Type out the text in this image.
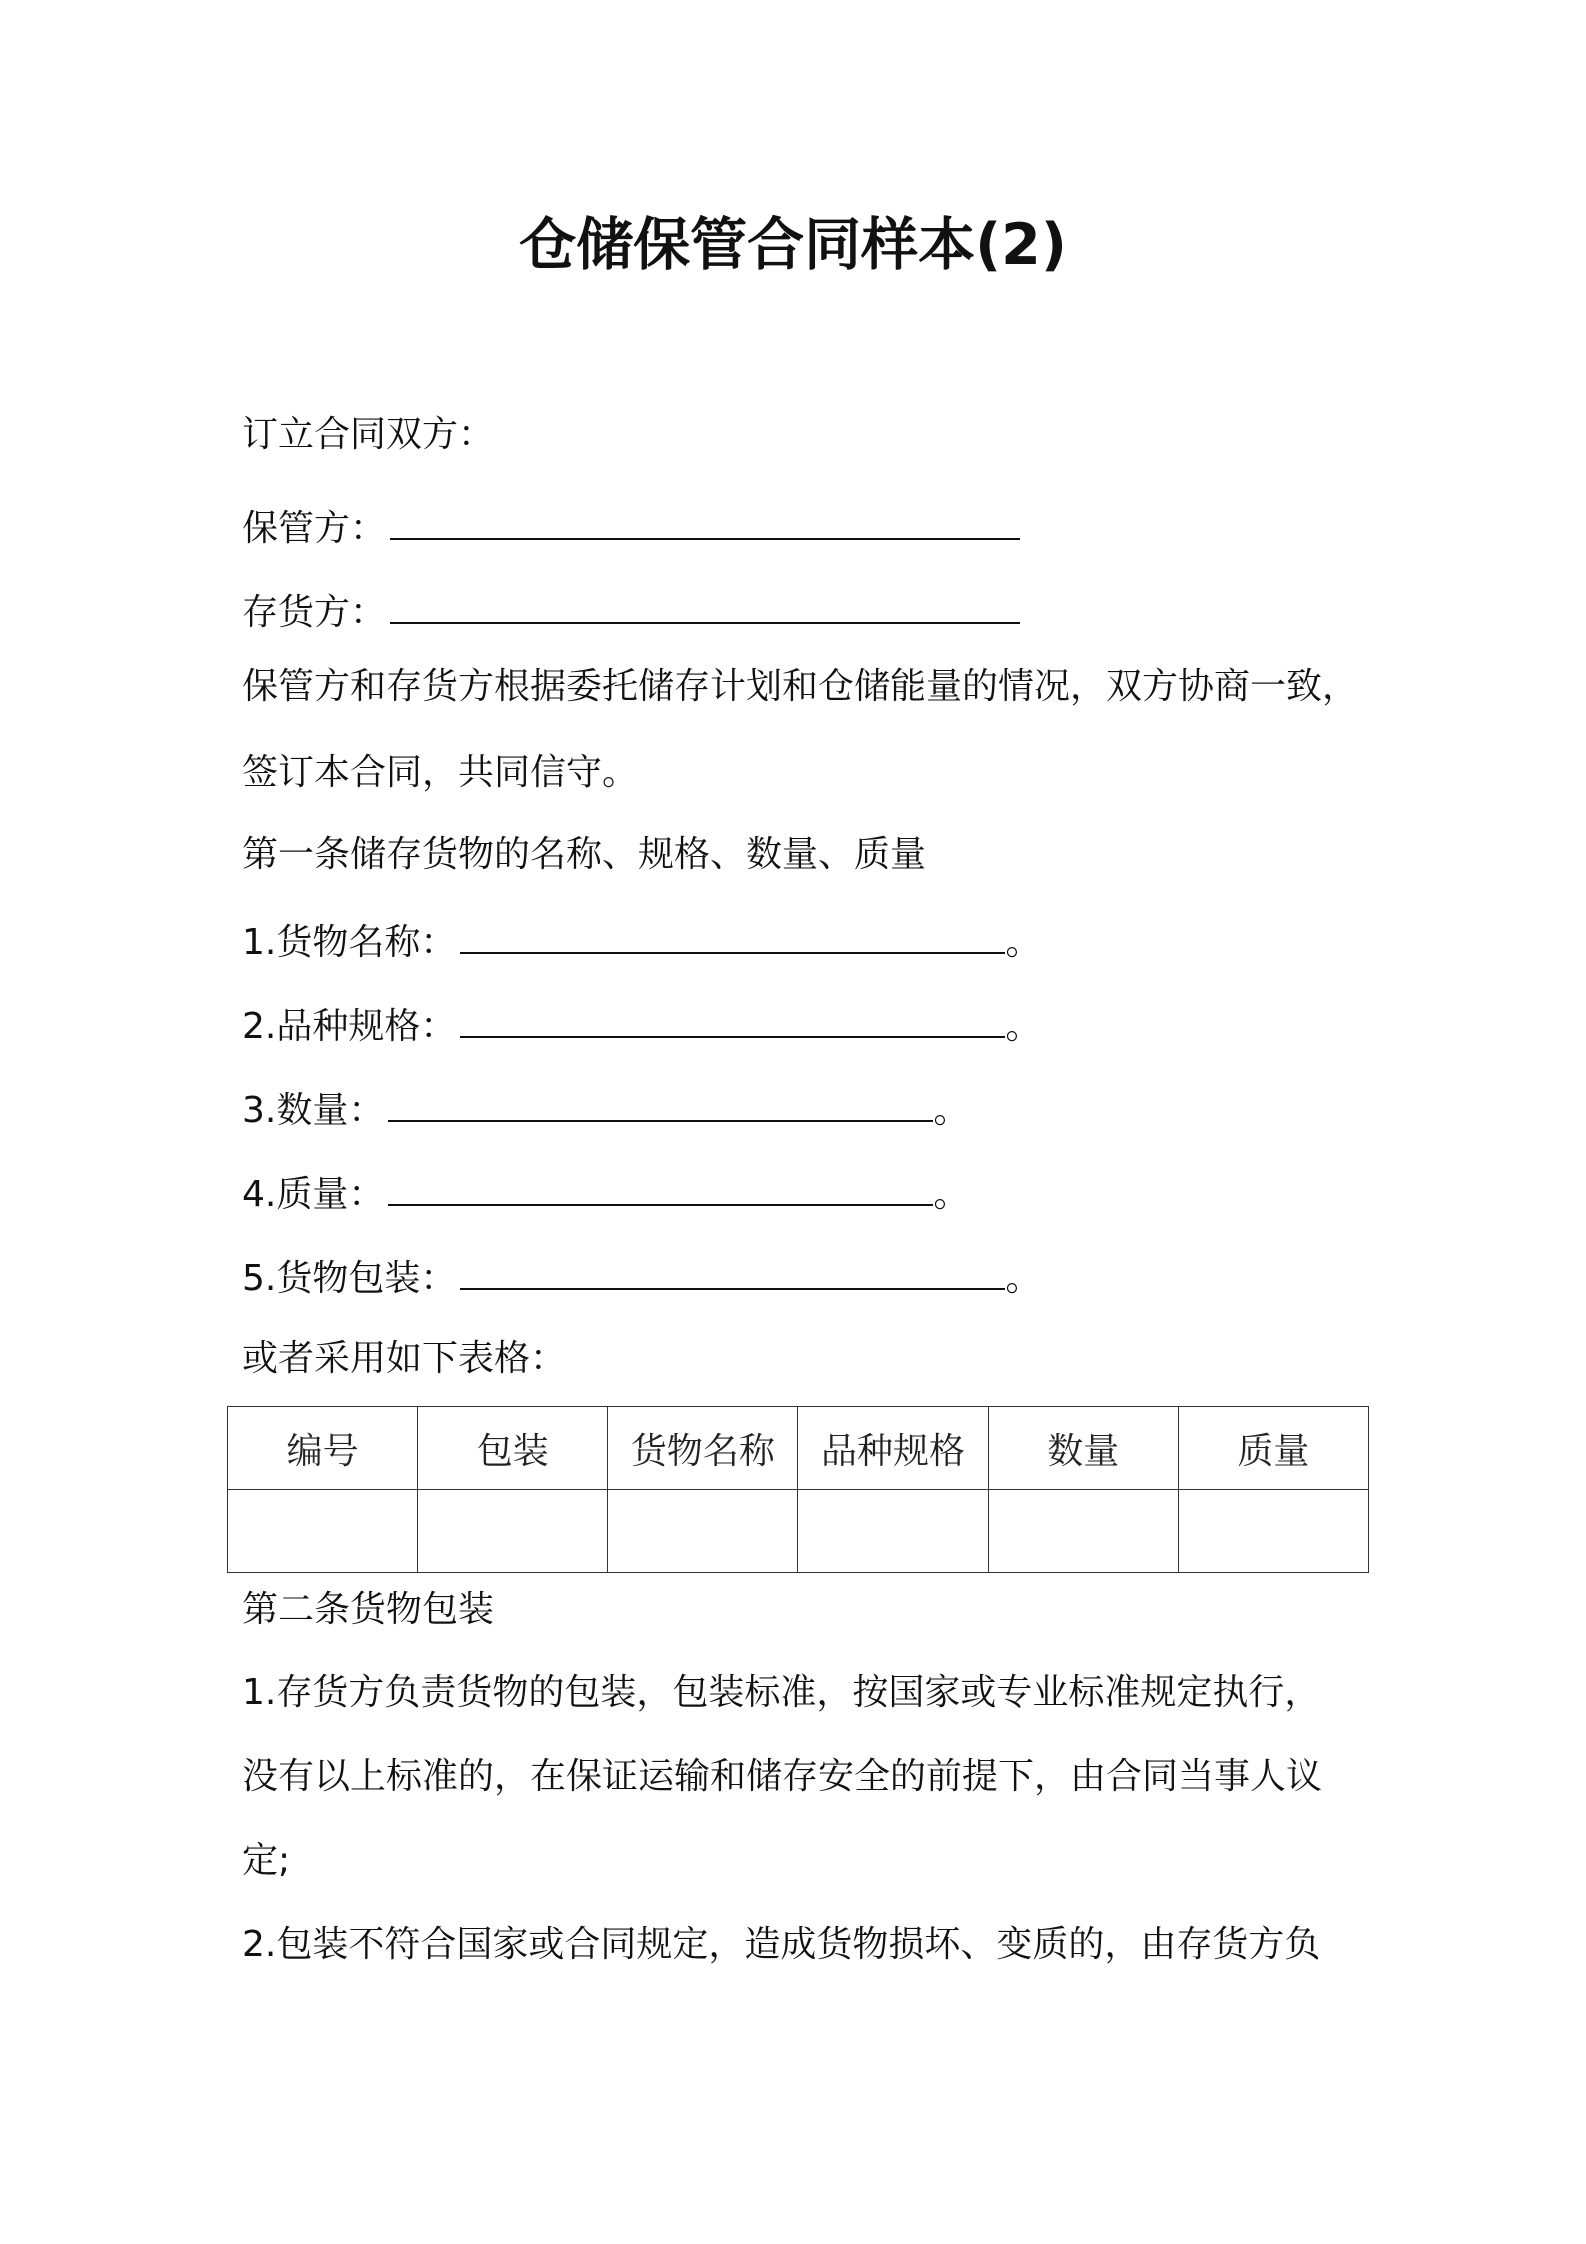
仓储保管合同样本(2)
订立合同双方：
保管方：
存货方：
保管方和存货方根据委托储存计划和仓储能量的情况，双方协商一致，
签订本合同，共同信守。
第一条储存货物的名称、规格、数量、质量
1.货物名称：	。
2.品种规格：	。
3.数量：	。
4.质量：	。
5.货物包装：	。
或者采用如下表格：
编号	包装	货物名称	品种规格	数量	质量

第二条货物包装
1.存货方负责货物的包装，包装标准，按国家或专业标准规定执行，
没有以上标准的，在保证运输和储存安全的前提下，由合同当事人议
定;
2.包装不符合国家或合同规定，造成货物损坏、变质的，由存货方负
